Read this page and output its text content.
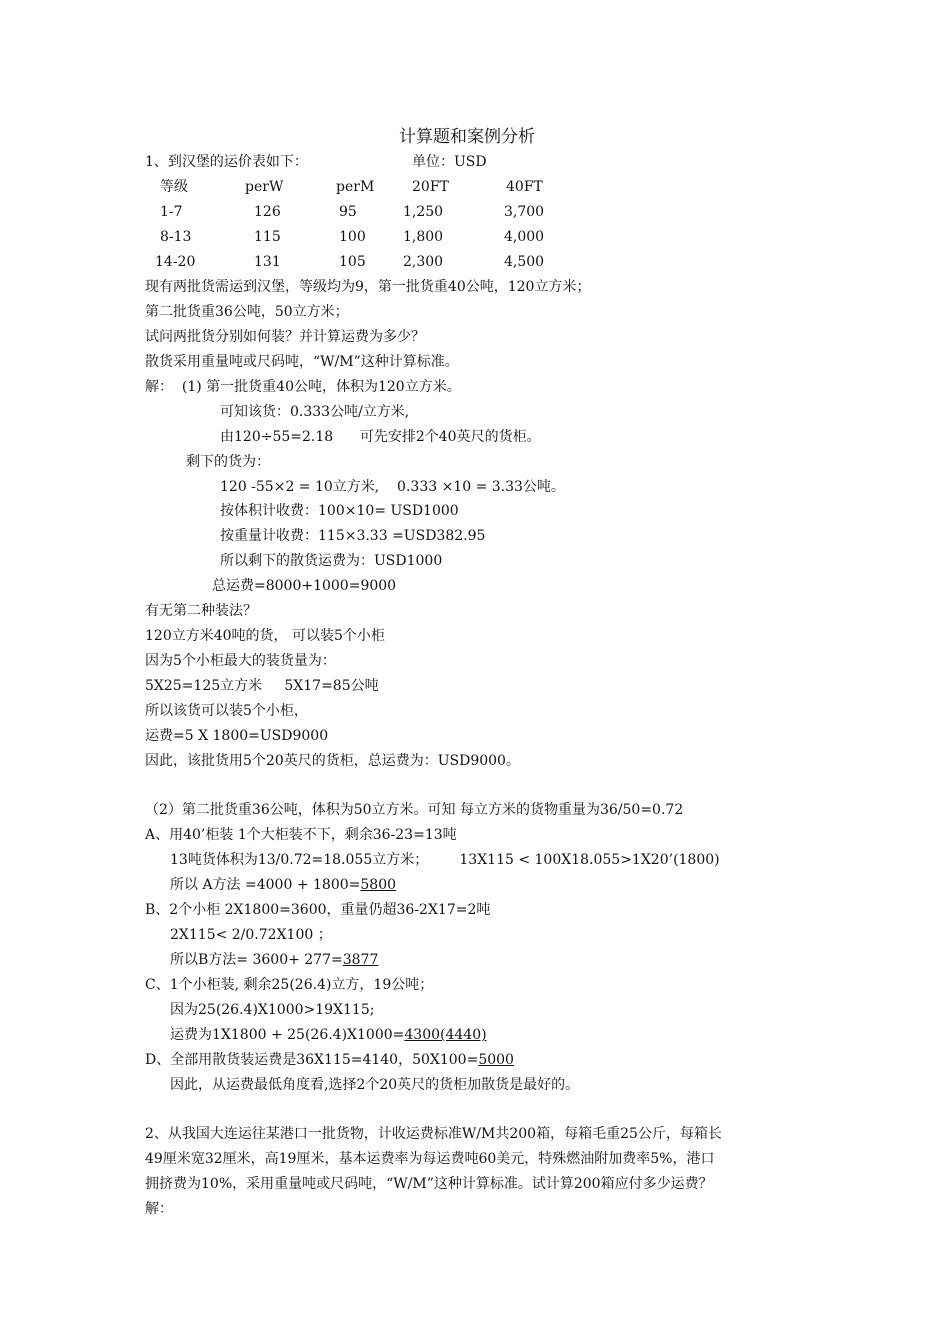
计算题和案例分析
1、到汉堡的运价表如下：	单位：USD
等级	perW	perM	20FT	40FT
1-7	126	95	1,250	3,700
8-13	115	100	1,800	4,000
14-20	131	105	2,300	4,500
现有两批货需运到汉堡，等级均为9，第一批货重40公吨，120立方米；
第二批货重36公吨，50立方米；
试问两批货分别如何装？并计算运费为多少？
散货采用重量吨或尺码吨，“W/M”这种计算标准。
解：  (1) 第一批货重40公吨，体积为120立方米。
可知该货：0.333公吨/立方米,
由120÷55=2.18      可先安排2个40英尺的货柜。
剩下的货为：
120 -55×2 = 10立方米,    0.333 ×10 = 3.33公吨。
按体积计收费：100×10= USD1000
按重量计收费：115×3.33 =USD382.95
所以剩下的散货运费为：USD1000
总运费=8000+1000=9000
有无第二种装法？
120立方米40吨的货， 可以装5个小柜
因为5个小柜最大的装货量为：
5X25=125立方米     5X17=85公吨
所以该货可以装5个小柜，
运费=5 X 1800=USD9000
因此，该批货用5个20英尺的货柜，总运费为：USD9000。
（2）第二批货重36公吨，体积为50立方米。可知 每立方米的货物重量为36/50=0.72
A、用40’柜装 1个大柜装不下，剩余36-23=13吨
13吨货体积为13/0.72=18.055立方米；       13X115 < 100X18.055>1X20’(1800)
所以 A方法 =4000 + 1800=5800
B、2个小柜 2X1800=3600，重量仍超36-2X17=2吨
2X115< 2/0.72X100 ；
所以B方法= 3600+ 277=3877
C、1个小柜装, 剩余25(26.4)立方，19公吨；
因为25(26.4)X1000>19X115;
运费为1X1800 + 25(26.4)X1000=4300(4440)
D、全部用散货装运费是36X115=4140，50X100=5000
因此，从运费最低角度看,选择2个20英尺的货柜加散货是最好的。
2、从我国大连运往某港口一批货物，计收运费标准W/M共200箱，每箱毛重25公斤，每箱长
49厘米宽32厘米，高19厘米，基本运费率为每运费吨60美元，特殊燃油附加费率5%，港口
拥挤费为10%，采用重量吨或尺码吨，“W/M”这种计算标准。试计算200箱应付多少运费？
解：
